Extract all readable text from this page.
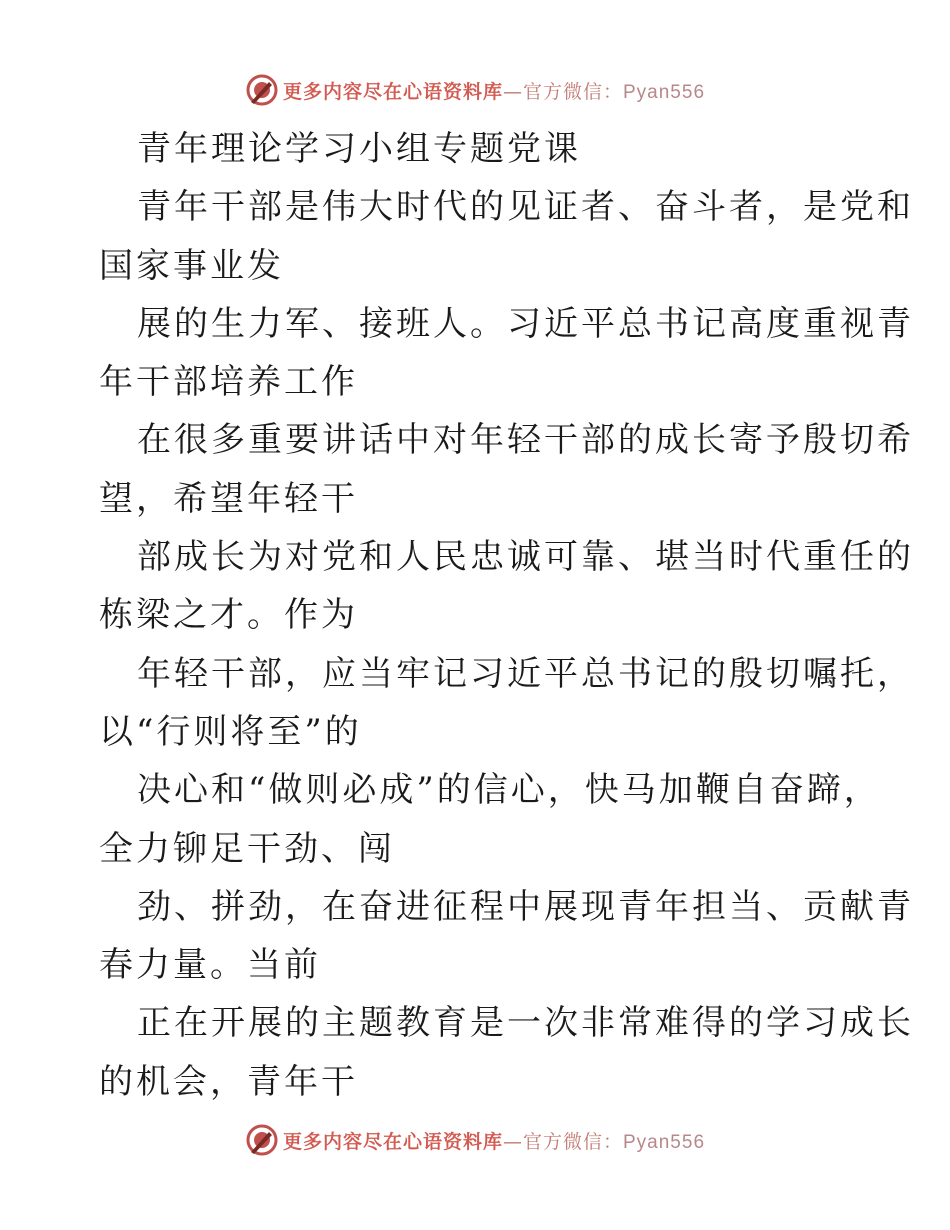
更多内容尽在心语资料库—官方微信：Pyan556
青年理论学习小组专题党课
青年干部是伟大时代的见证者、奋斗者，是党和
国家事业发
展的生力军、接班人。习近平总书记高度重视青
年干部培养工作
在很多重要讲话中对年轻干部的成长寄予殷切希
望，希望年轻干
部成长为对党和人民忠诚可靠、堪当时代重任的
栋梁之才。作为
年轻干部，应当牢记习近平总书记的殷切嘱托，
以“行则将至”的
决心和“做则必成”的信心，快马加鞭自奋蹄，
全力铆足干劲、闯
劲、拼劲，在奋进征程中展现青年担当、贡献青
春力量。当前
正在开展的主题教育是一次非常难得的学习成长
的机会，青年干
更多内容尽在心语资料库—官方微信：Pyan556
